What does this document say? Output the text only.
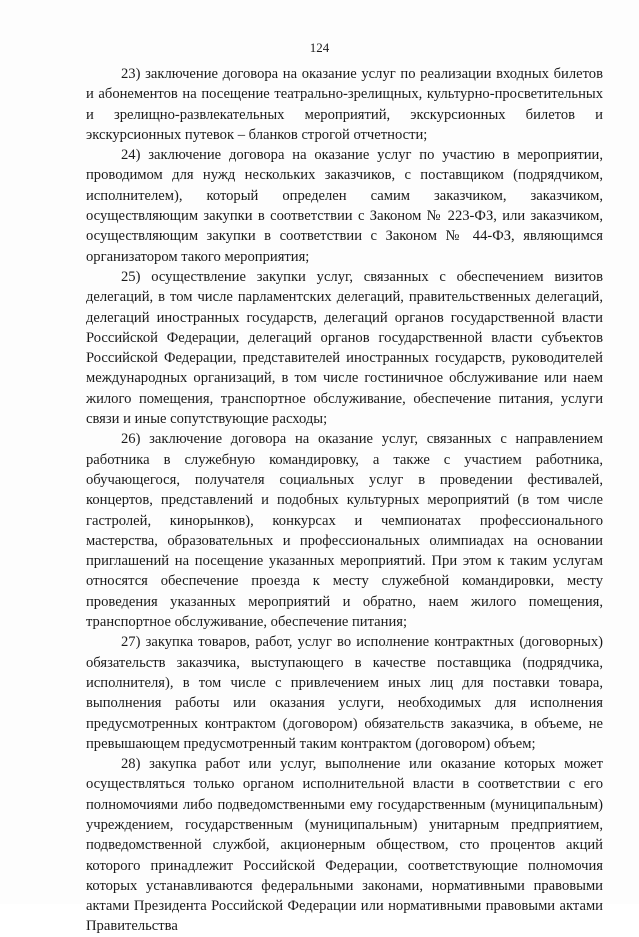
124

23) заключение договора на оказание услуг по реализации входных билетов и абонементов на посещение театрально-зрелищных, культурно-просветительных и зрелищно-развлекательных мероприятий, экскурсионных билетов и экскурсионных путевок – бланков строгой отчетности;

24) заключение договора на оказание услуг по участию в мероприятии, проводимом для нужд нескольких заказчиков, с поставщиком (подрядчиком, исполнителем), который определен самим заказчиком, заказчиком, осуществляющим закупки в соответствии с Законом № 223-ФЗ, или заказчиком, осуществляющим закупки в соответствии с Законом № 44-ФЗ, являющимся организатором такого мероприятия;

25) осуществление закупки услуг, связанных с обеспечением визитов делегаций, в том числе парламентских делегаций, правительственных делегаций, делегаций иностранных государств, делегаций органов государственной власти Российской Федерации, делегаций органов государственной власти субъектов Российской Федерации, представителей иностранных государств, руководителей международных организаций, в том числе гостиничное обслуживание или наем жилого помещения, транспортное обслуживание, обеспечение питания, услуги связи и иные сопутствующие расходы;

26) заключение договора на оказание услуг, связанных с направлением работника в служебную командировку, а также с участием работника, обучающегося, получателя социальных услуг в проведении фестивалей, концертов, представлений и подобных культурных мероприятий (в том числе гастролей, кинорынков), конкурсах и чемпионатах профессионального мастерства, образовательных и профессиональных олимпиадах на основании приглашений на посещение указанных мероприятий. При этом к таким услугам относятся обеспечение проезда к месту служебной командировки, месту проведения указанных мероприятий и обратно, наем жилого помещения, транспортное обслуживание, обеспечение питания;

27) закупка товаров, работ, услуг во исполнение контрактных (договорных) обязательств заказчика, выступающего в качестве поставщика (подрядчика, исполнителя), в том числе с привлечением иных лиц для поставки товара, выполнения работы или оказания услуги, необходимых для исполнения предусмотренных контрактом (договором) обязательств заказчика, в объеме, не превышающем предусмотренный таким контрактом (договором) объем;

28) закупка работ или услуг, выполнение или оказание которых может осуществляться только органом исполнительной власти в соответствии с его полномочиями либо подведомственными ему государственным (муниципальным) учреждением, государственным (муниципальным) унитарным предприятием, подведомственной службой, акционерным обществом, сто процентов акций которого принадлежит Российской Федерации, соответствующие полномочия которых устанавливаются федеральными законами, нормативными правовыми актами Президента Российской Федерации или нормативными правовыми актами Правительства
